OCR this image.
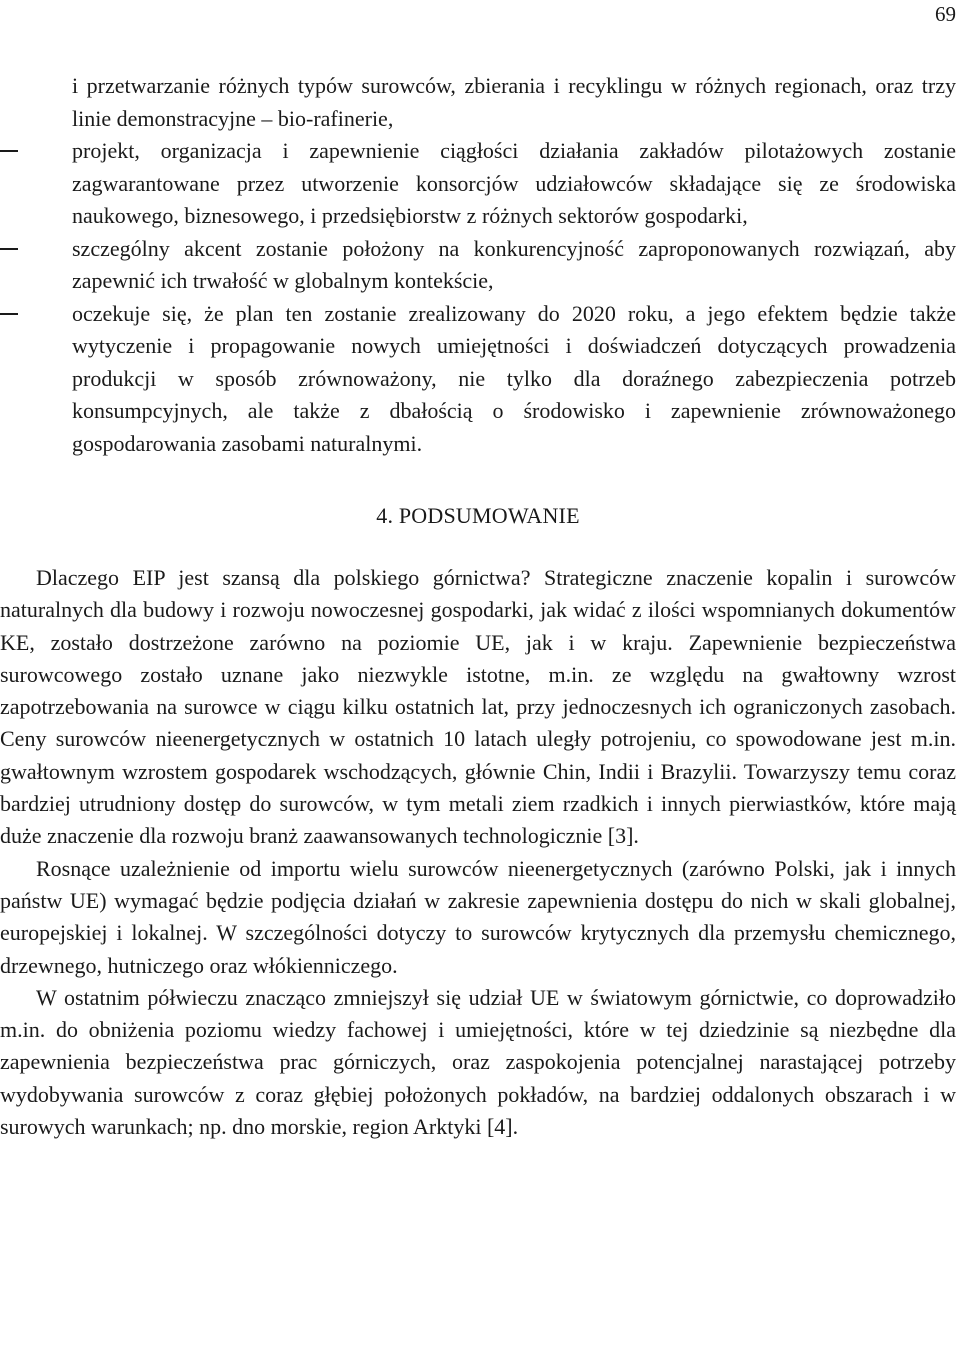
69

i przetwarzanie różnych typów surowców, zbierania i recyklingu w różnych regionach, oraz trzy linie demonstracyjne – bio-rafinerie,

projekt, organizacja i zapewnienie ciągłości działania zakładów pilotażowych zostanie zagwarantowane przez utworzenie konsorcjów udziałowców składające się ze środowiska naukowego, biznesowego, i przedsiębiorstw z różnych sektorów gospodarki,

szczególny akcent zostanie położony na konkurencyjność zaproponowanych rozwiązań, aby zapewnić ich trwałość w globalnym kontekście,

oczekuje się, że plan ten zostanie zrealizowany do 2020 roku, a jego efektem będzie także wytyczenie i propagowanie nowych umiejętności i doświadczeń dotyczących prowadzenia produkcji w sposób zrównoważony, nie tylko dla doraźnego zabezpieczenia potrzeb konsumpcyjnych, ale także z dbałością o środowisko i zapewnienie zrównoważonego gospodarowania zasobami naturalnymi.

4. PODSUMOWANIE

Dlaczego EIP jest szansą dla polskiego górnictwa? Strategiczne znaczenie kopalin i surowców naturalnych dla budowy i rozwoju nowoczesnej gospodarki, jak widać z ilości wspomnianych dokumentów KE, zostało dostrzeżone zarówno na poziomie UE, jak i w kraju. Zapewnienie bezpieczeństwa surowcowego zostało uznane jako niezwykle istotne, m.in. ze względu na gwałtowny wzrost zapotrzebowania na surowce w ciągu kilku ostatnich lat, przy jednoczesnych ich ograniczonych zasobach. Ceny surowców nieenergetycznych w ostatnich 10 latach uległy potrojeniu, co spowodowane jest m.in. gwałtownym wzrostem gospodarek wschodzących, głównie Chin, Indii i Brazylii. Towarzyszy temu coraz bardziej utrudniony dostęp do surowców, w tym metali ziem rzadkich i innych pierwiastków, które mają duże znaczenie dla rozwoju branż zaawansowanych technologicznie [3].

Rosnące uzależnienie od importu wielu surowców nieenergetycznych (zarówno Polski, jak i innych państw UE) wymagać będzie podjęcia działań w zakresie zapewnienia dostępu do nich w skali globalnej, europejskiej i lokalnej. W szczególności dotyczy to surowców krytycznych dla przemysłu chemicznego, drzewnego, hutniczego oraz włókienniczego.

W ostatnim półwieczu znacząco zmniejszył się udział UE w światowym górnictwie, co doprowadziło m.in. do obniżenia poziomu wiedzy fachowej i umiejętności, które w tej dziedzinie są niezbędne dla zapewnienia bezpieczeństwa prac górniczych, oraz zaspokojenia potencjalnej narastającej potrzeby wydobywania surowców z coraz głębiej położonych pokładów, na bardziej oddalonych obszarach i w surowych warunkach; np. dno morskie, region Arktyki [4].
